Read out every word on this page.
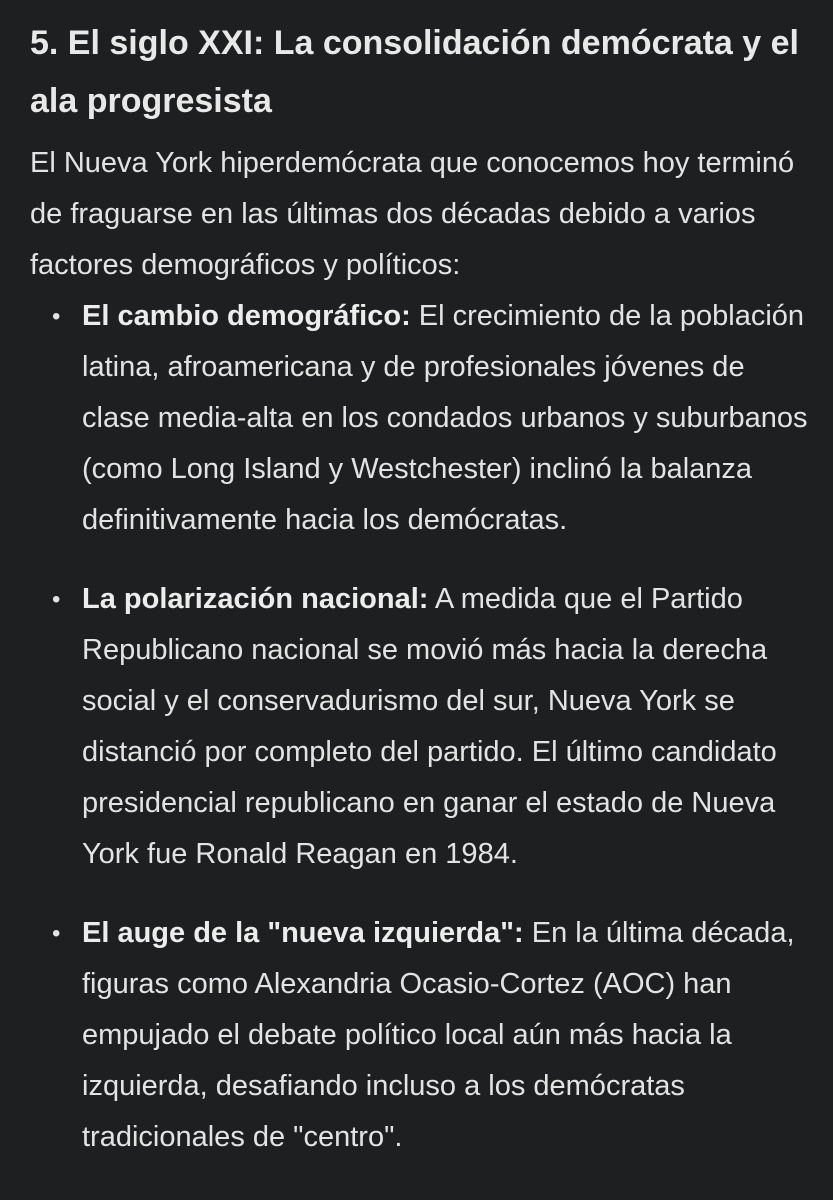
5. El siglo XXI: La consolidación demócrata y el ala progresista

El Nueva York hiperdemócrata que conocemos hoy terminó de fraguarse en las últimas dos décadas debido a varios factores demográficos y políticos:

• El cambio demográfico: El crecimiento de la población latina, afroamericana y de profesionales jóvenes de clase media-alta en los condados urbanos y suburbanos (como Long Island y Westchester) inclinó la balanza definitivamente hacia los demócratas.
• La polarización nacional: A medida que el Partido Republicano nacional se movió más hacia la derecha social y el conservadurismo del sur, Nueva York se distanció por completo del partido. El último candidato presidencial republicano en ganar el estado de Nueva York fue Ronald Reagan en 1984.
• El auge de la "nueva izquierda": En la última década, figuras como Alexandria Ocasio-Cortez (AOC) han empujado el debate político local aún más hacia la izquierda, desafiando incluso a los demócratas tradicionales de "centro".
